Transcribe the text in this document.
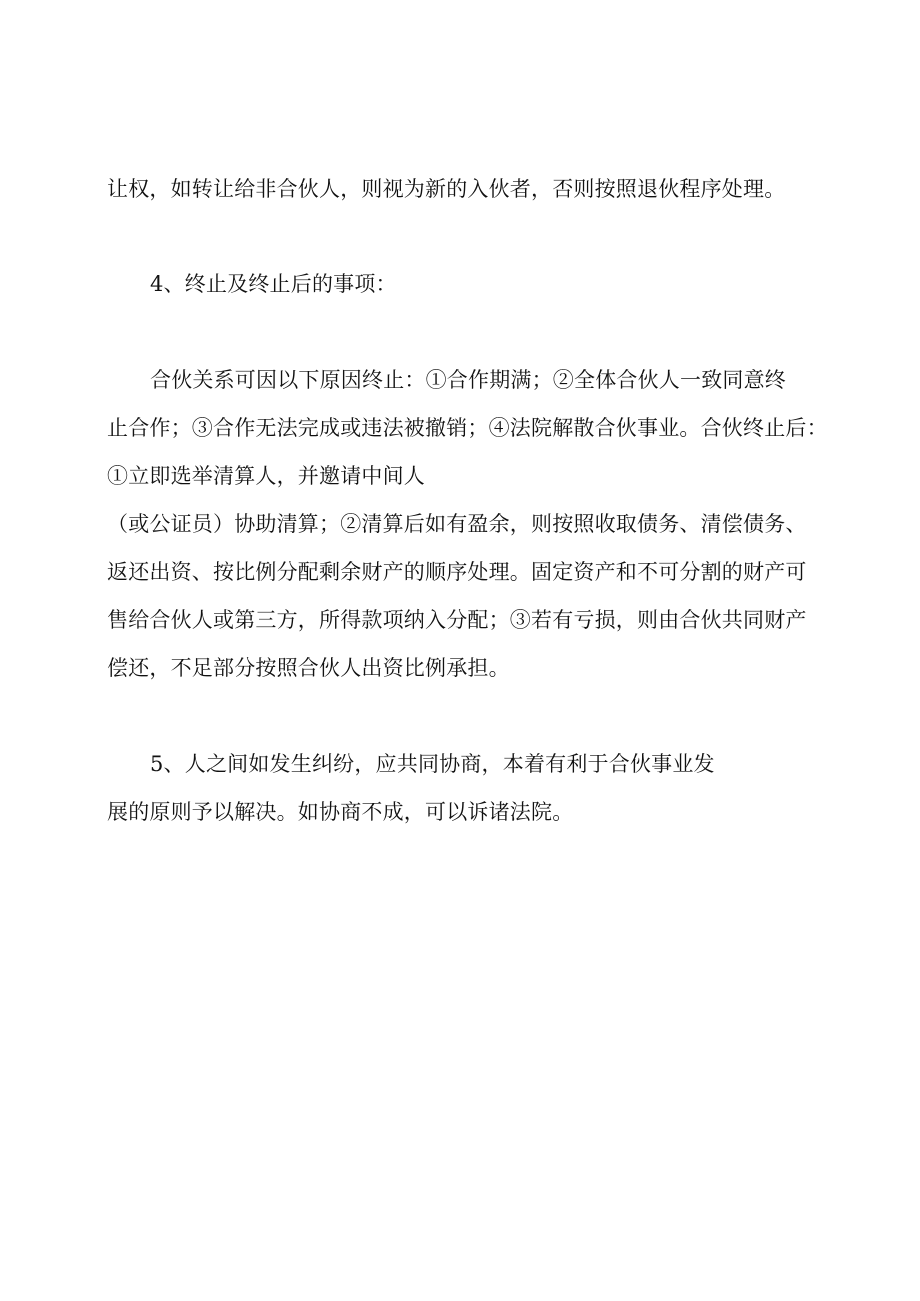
让权，如转让给非合伙人，则视为新的入伙者，否则按照退伙程序处理。
4、终止及终止后的事项：
合伙关系可因以下原因终止：①合作期满；②全体合伙人一致同意终
止合作；③合作无法完成或违法被撤销；④法院解散合伙事业。合伙终止后：
①立即选举清算人，并邀请中间人
（或公证员）协助清算；②清算后如有盈余，则按照收取债务、清偿债务、
返还出资、按比例分配剩余财产的顺序处理。固定资产和不可分割的财产可
售给合伙人或第三方，所得款项纳入分配；③若有亏损，则由合伙共同财产
偿还，不足部分按照合伙人出资比例承担。
5、人之间如发生纠纷，应共同协商，本着有利于合伙事业发
展的原则予以解决。如协商不成，可以诉诸法院。
